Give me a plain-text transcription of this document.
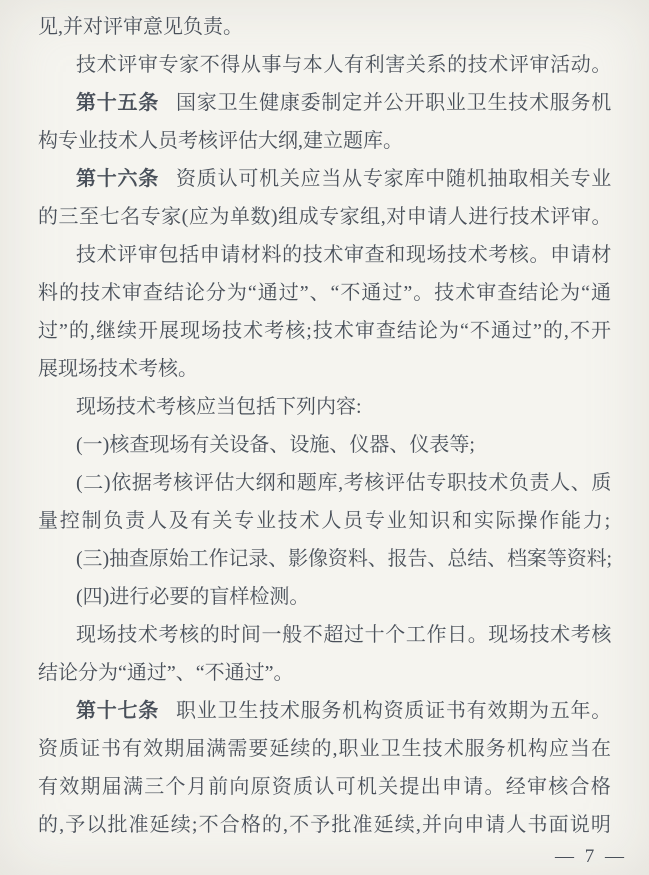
见,并对评审意见负责。
技术评审专家不得从事与本人有利害关系的技术评审活动。
第十五条 国家卫生健康委制定并公开职业卫生技术服务机
构专业技术人员考核评估大纲,建立题库。
第十六条 资质认可机关应当从专家库中随机抽取相关专业
的三至七名专家(应为单数)组成专家组,对申请人进行技术评审。
技术评审包括申请材料的技术审查和现场技术考核。申请材
料的技术审查结论分为“通过”、“不通过”。技术审查结论为“通
过”的,继续开展现场技术考核;技术审查结论为“不通过”的,不开
展现场技术考核。
现场技术考核应当包括下列内容:
(一)核查现场有关设备、设施、仪器、仪表等;
(二)依据考核评估大纲和题库,考核评估专职技术负责人、质
量控制负责人及有关专业技术人员专业知识和实际操作能力;
(三)抽查原始工作记录、影像资料、报告、总结、档案等资料;
(四)进行必要的盲样检测。
现场技术考核的时间一般不超过十个工作日。现场技术考核
结论分为“通过”、“不通过”。
第十七条 职业卫生技术服务机构资质证书有效期为五年。
资质证书有效期届满需要延续的,职业卫生技术服务机构应当在
有效期届满三个月前向原资质认可机关提出申请。经审核合格
的,予以批准延续;不合格的,不予批准延续,并向申请人书面说明
— 7 —
